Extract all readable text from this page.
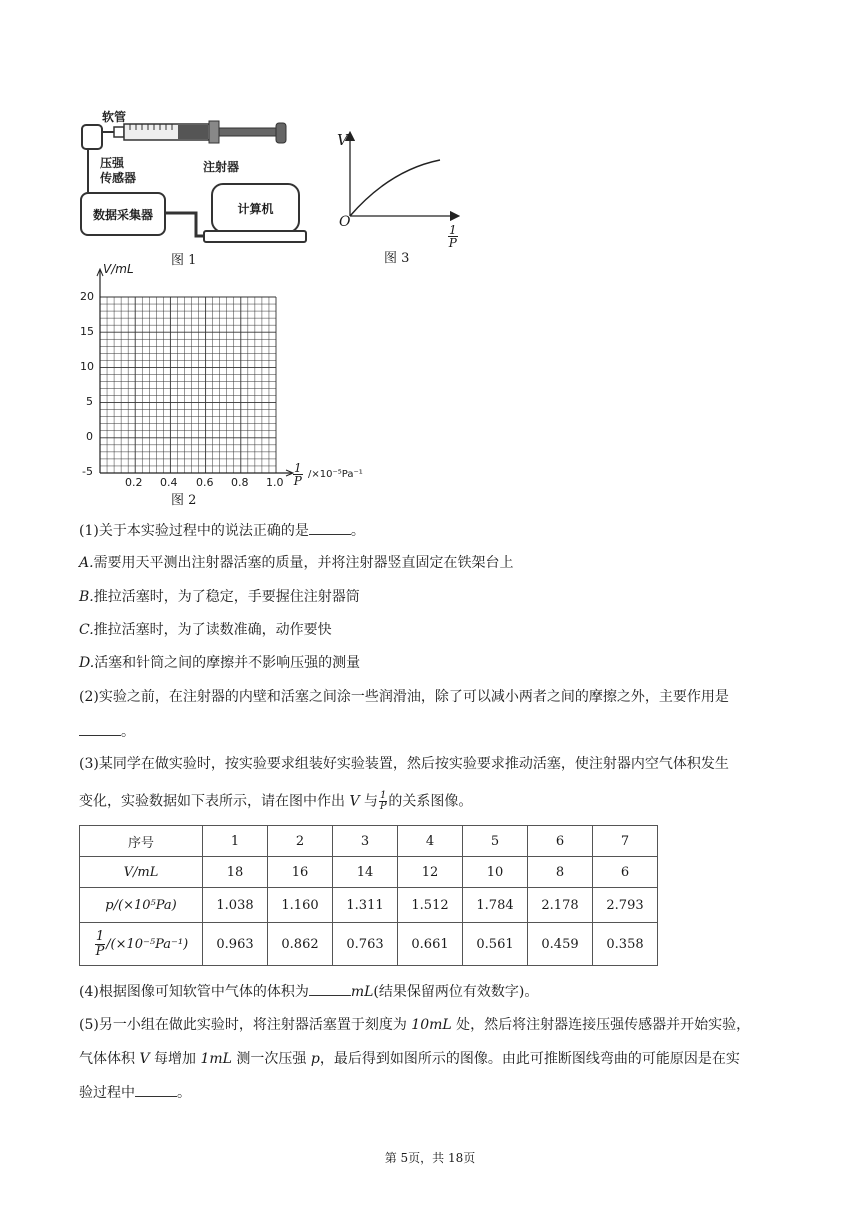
软管
压强
传感器
注射器
数据采集器	计算机
图 1
V
O
$\frac{1}{P}$
图 3
V/mL
20
15
10
5
0
-5
0.2 0.4 0.6 0.8 $1.0 \frac{1}{P} /\times 10^{-5}Pa^{-1}$
图 2
(1)关于本实验过程中的说法正确的是	。
A.需要用天平测出注射器活塞的质量，并将注射器竖直固定在铁架台上
B.推拉活塞时，为了稳定，手要握住注射器筒
C.推拉活塞时，为了读数准确，动作要快
D.活塞和针筒之间的摩擦并不影响压强的测量
(2)实验之前，在注射器的内壁和活塞之间涂一些润滑油，除了可以减小两者之间的摩擦之外，主要作用是
。
(3)某同学在做实验时，按实验要求组装好实验装置，然后按实验要求推动活塞，使注射器内空气体积发生
变化，实验数据如下表所示，请在图中作出 V 与 $\frac{1}{P}$ 的关系图像。
序号	1	2	3	4	5	6	7
V/mL	18	16	14	12	10	8	6
p/(×10⁵Pa)	1.038	1.160	1.311	1.512	1.784	2.178	2.793

$\frac{1}{P} /(\times 10^{-5}Pa^{-1})$	0.963	0.862	0.763	0.661	0.561	0.459	0.358
(4)根据图像可知软管中气体的体积为	mL(结果保留两位有效数字)。
(5)另一小组在做此实验时，将注射器活塞置于刻度为 10mL 处，然后将注射器连接压强传感器并开始实验，
气体体积 V 每增加 1mL 测一次压强 p，最后得到如图所示的图像。由此可推断图线弯曲的可能原因是在实
验过程中	。
第 5页，共 18页
